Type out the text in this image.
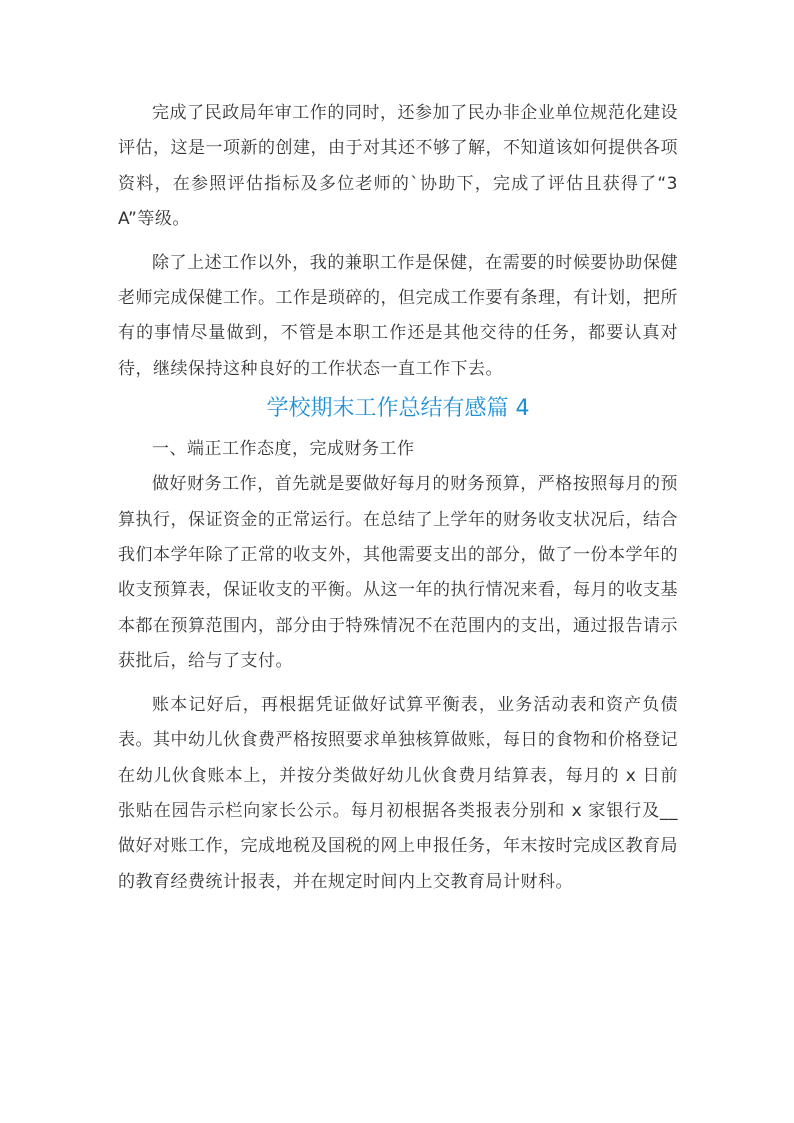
完成了民政局年审工作的同时，还参加了民办非企业单位规范化建设评估，这是一项新的创建，由于对其还不够了解，不知道该如何提供各项资料，在参照评估指标及多位老师的`协助下，完成了评估且获得了“3A”等级。

除了上述工作以外，我的兼职工作是保健，在需要的时候要协助保健老师完成保健工作。工作是琐碎的，但完成工作要有条理，有计划，把所有的事情尽量做到，不管是本职工作还是其他交待的任务，都要认真对待，继续保持这种良好的工作状态一直工作下去。

学校期末工作总结有感篇 4

一、端正工作态度，完成财务工作

做好财务工作，首先就是要做好每月的财务预算，严格按照每月的预算执行，保证资金的正常运行。在总结了上学年的财务收支状况后，结合我们本学年除了正常的收支外，其他需要支出的部分，做了一份本学年的收支预算表，保证收支的平衡。从这一年的执行情况来看，每月的收支基本都在预算范围内，部分由于特殊情况不在范围内的支出，通过报告请示获批后，给与了支付。

账本记好后，再根据凭证做好试算平衡表，业务活动表和资产负债表。其中幼儿伙食费严格按照要求单独核算做账，每日的食物和价格登记在幼儿伙食账本上，并按分类做好幼儿伙食费月结算表，每月的 x 日前张贴在园告示栏向家长公示。每月初根据各类报表分别和 x 家银行及__做好对账工作，完成地税及国税的网上申报任务，年末按时完成区教育局的教育经费统计报表，并在规定时间内上交教育局计财科。
